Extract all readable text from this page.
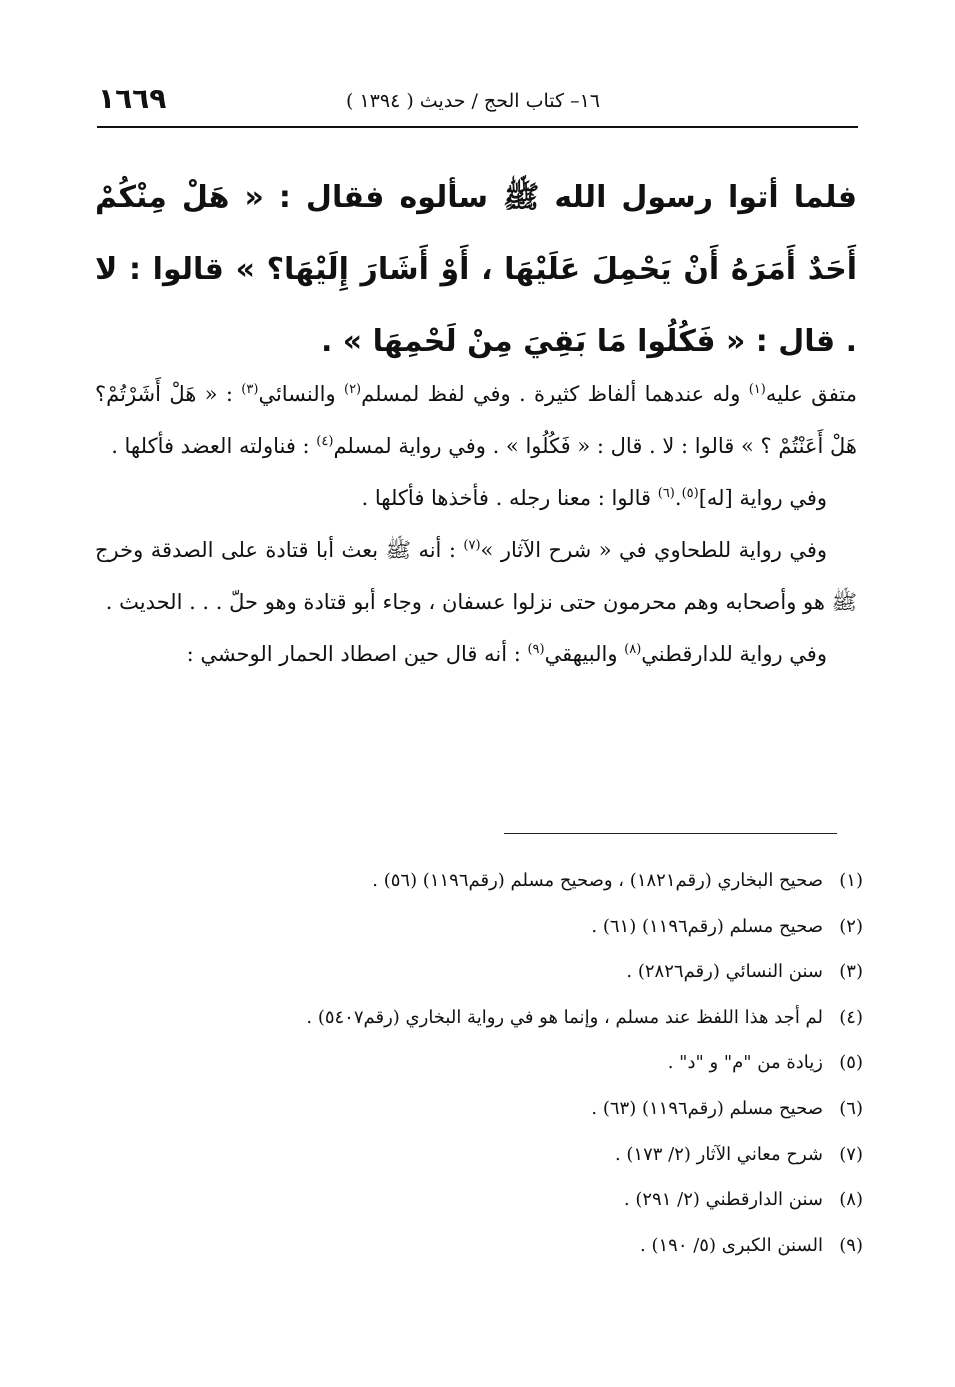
١٦– كتاب الحج / حديث ( ١٣٩٤ )
١٦٦٩
فلما أتوا رسول الله ﷺ سألوه فقال : « هَلْ مِنْكُمْ أَحَدٌ أَمَرَهُ أَنْ يَحْمِلَ عَلَيْهَا ، أَوْ أَشَارَ إِلَيْهَا؟ » قالوا : لا . قال : « فَكُلُوا مَا بَقِيَ مِنْ لَحْمِهَا » .

متفق عليه$^{(١)}$ وله عندهما ألفاظ كثيرة . وفي لفظ لمسلم$^{(٢)}$ والنسائي$^{(٣)}$ : « هَلْ أَشَرْتُمْ؟ هَلْ أَعَنْتُمْ ؟ » قالوا : لا . قال : « فَكُلُوا » . وفي رواية لمسلم$^{(٤)}$ : فناولته العضد فأكلها .

وفي رواية [له]$^{(٥)}$.$^{(٦)}$ قالوا : معنا رجله . فأخذها فأكلها .

وفي رواية للطحاوي في « شرح الآثار »$^{(٧)}$ : أنه ﷺ بعث أبا قتادة على الصدقة وخرج ﷺ هو وأصحابه وهم محرمون حتى نزلوا عسفان ، وجاء أبو قتادة وهو حلّ . . . الحديث .

وفي رواية للدارقطني$^{(٨)}$ والبيهقي$^{(٩)}$ : أنه قال حين اصطاد الحمار الوحشي :

(١)صحيح البخاري (رقم١٨٢١) ، وصحيح مسلم (رقم١١٩٦) (٥٦) .
(٢)صحيح مسلم (رقم١١٩٦) (٦١) .
(٣)سنن النسائي (رقم٢٨٢٦) .
(٤)لم أجد هذا اللفظ عند مسلم ، وإنما هو في رواية البخاري (رقم٥٤٠٧) .
(٥)زيادة من "م" و "د" .
(٦)صحيح مسلم (رقم١١٩٦) (٦٣) .
(٧)شرح معاني الآثار (٢/ ١٧٣) .
(٨)سنن الدارقطني (٢/ ٢٩١) .
(٩)السنن الكبرى (٥/ ١٩٠) .
